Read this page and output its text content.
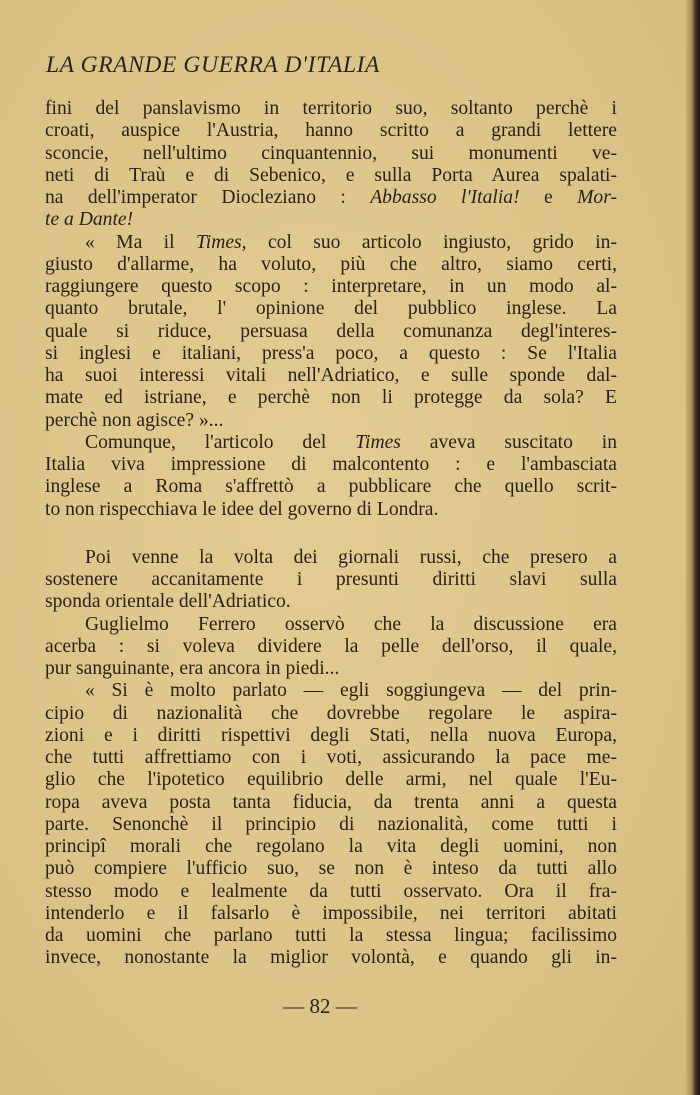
LA GRANDE GUERRA D'ITALIA

fini del panslavismo in territorio suo, soltanto perchè i

croati, auspice l'Austria, hanno scritto a grandi lettere

sconcie, nell'ultimo cinquantennio, sui monumenti ve-

neti di Traù e di Sebenico, e sulla Porta Aurea spalati-

na dell'imperator Diocleziano : Abbasso l'Italia! e Mor-

te a Dante!

« Ma il Times, col suo articolo ingiusto, grido in-

giusto d'allarme, ha voluto, più che altro, siamo certi,

raggiungere questo scopo : interpretare, in un modo al-

quanto brutale, l' opinione del pubblico inglese. La

quale si riduce, persuasa della comunanza degl'interes-

si inglesi e italiani, press'a poco, a questo : Se l'Italia

ha suoi interessi vitali nell'Adriatico, e sulle sponde dal-

mate ed istriane, e perchè non li protegge da sola? E

perchè non agisce? »...

Comunque, l'articolo del Times aveva suscitato in

Italia viva impressione di malcontento : e l'ambasciata

inglese a Roma s'affrettò a pubblicare che quello scrit-

to non rispecchiava le idee del governo di Londra.

Poi venne la volta dei giornali russi, che presero a

sostenere accanitamente i presunti diritti slavi sulla

sponda orientale dell'Adriatico.

Guglielmo Ferrero osservò che la discussione era

acerba : si voleva dividere la pelle dell'orso, il quale,

pur sanguinante, era ancora in piedi...

« Si è molto parlato — egli soggiungeva — del prin-

cipio di nazionalità che dovrebbe regolare le aspira-

zioni e i diritti rispettivi degli Stati, nella nuova Europa,

che tutti affrettiamo con i voti, assicurando la pace me-

glio che l'ipotetico equilibrio delle armi, nel quale l'Eu-

ropa aveva posta tanta fiducia, da trenta anni a questa

parte. Senonchè il principio di nazionalità, come tutti i

principî morali che regolano la vita degli uomini, non

può compiere l'ufficio suo, se non è inteso da tutti allo

stesso modo e lealmente da tutti osservato. Ora il fra-

intenderlo e il falsarlo è impossibile, nei territori abitati

da uomini che parlano tutti la stessa lingua; facilissimo

invece, nonostante la miglior volontà, e quando gli in-

— 82 —
